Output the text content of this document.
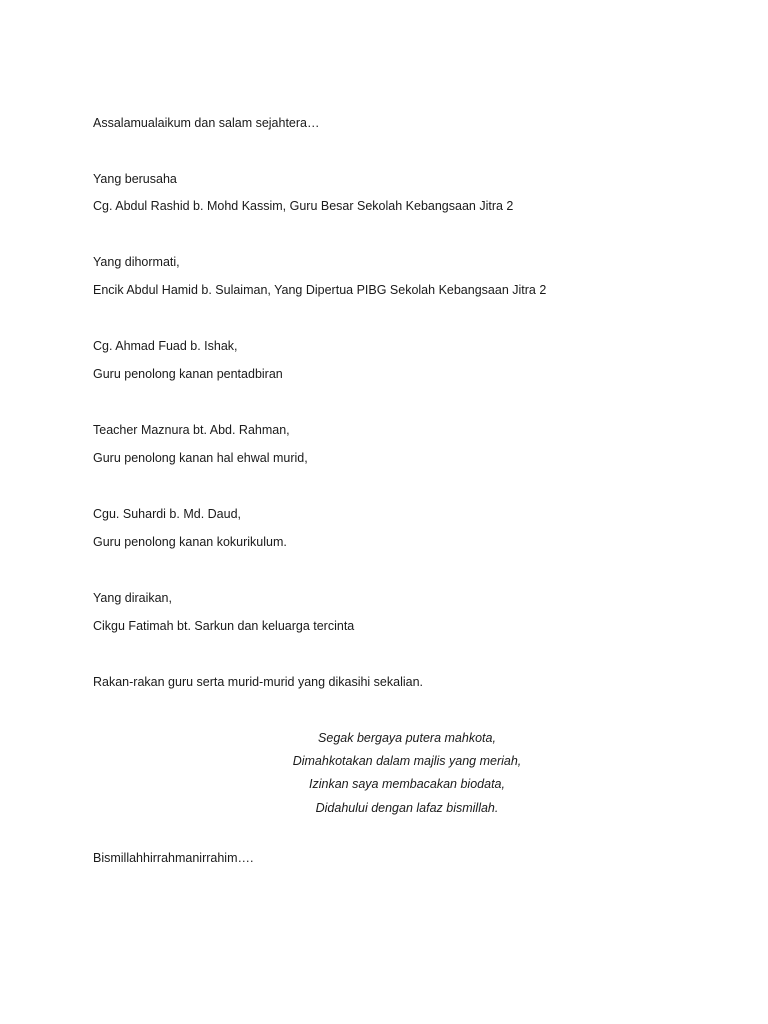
Assalamualaikum dan salam sejahtera…
Yang berusaha
Cg. Abdul Rashid b. Mohd Kassim, Guru Besar Sekolah Kebangsaan Jitra 2
Yang dihormati,
Encik Abdul Hamid b. Sulaiman, Yang Dipertua PIBG Sekolah Kebangsaan Jitra 2
Cg. Ahmad Fuad b. Ishak,
Guru penolong kanan pentadbiran
Teacher Maznura bt. Abd. Rahman,
Guru penolong kanan hal ehwal murid,
Cgu. Suhardi b. Md. Daud,
Guru penolong kanan kokurikulum.
Yang diraikan,
Cikgu Fatimah bt. Sarkun dan keluarga tercinta
Rakan-rakan guru serta murid-murid yang dikasihi sekalian.
Segak bergaya putera mahkota,
Dimahkotakan dalam majlis yang meriah,
Izinkan saya membacakan biodata,
Didahului dengan lafaz bismillah.
Bismillahhirrahmanirrahim….
